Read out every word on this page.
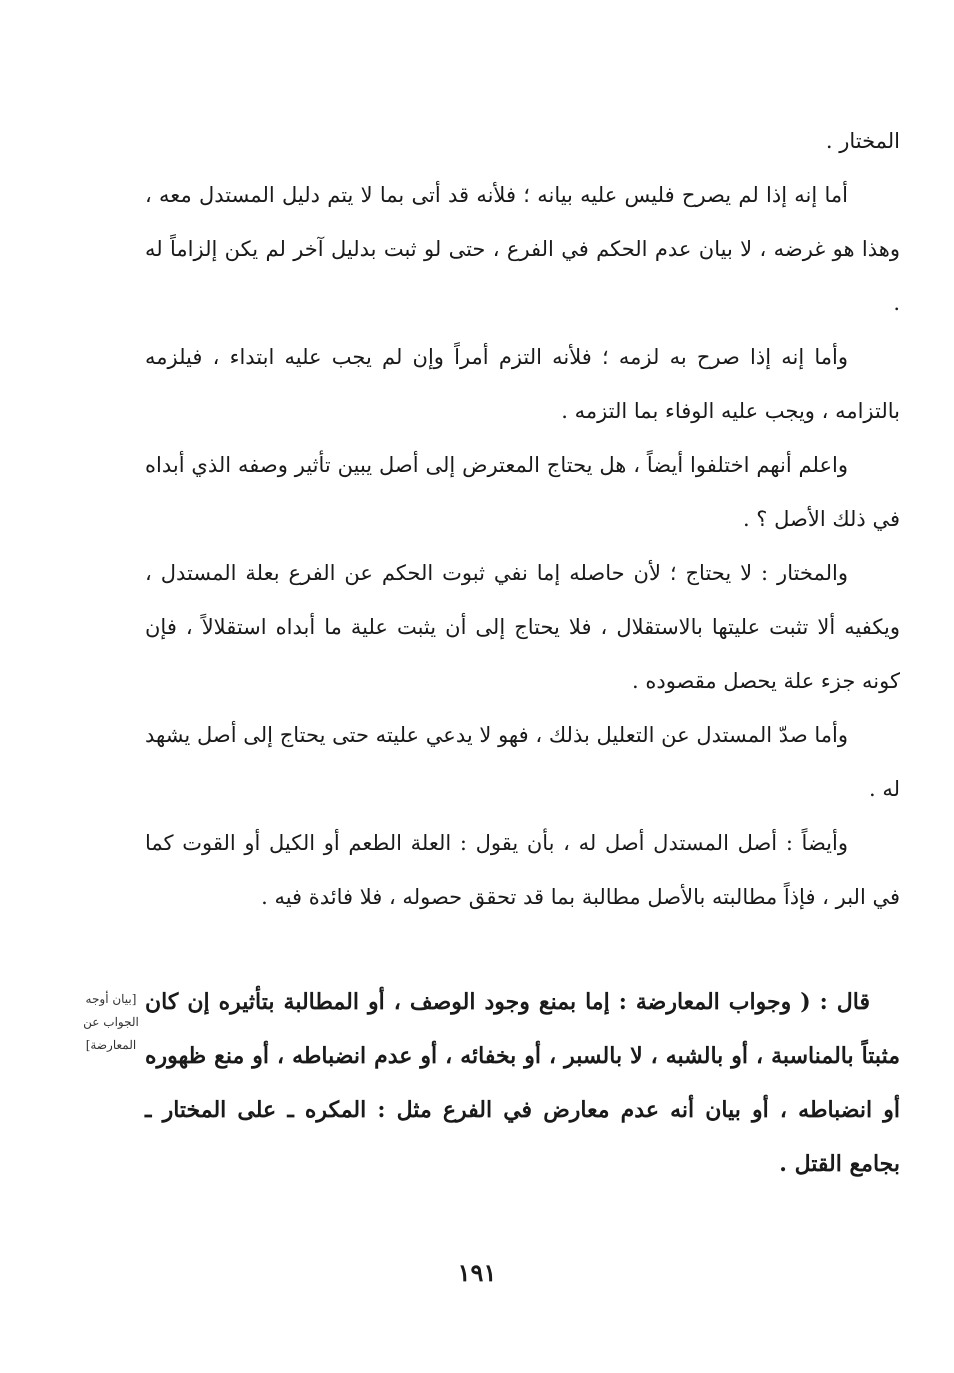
المختار .

أما إنه إذا لم يصرح فليس عليه بيانه ؛ فلأنه قد أتى بما لا يتم دليل المستدل معه ، وهذا هو غرضه ، لا بيان عدم الحكم في الفرع ، حتى لو ثبت بدليل آخر لم يكن إلزاماً له .

وأما إنه إذا صرح به لزمه ؛ فلأنه التزم أمراً وإن لم يجب عليه ابتداء ، فيلزمه بالتزامه ، ويجب عليه الوفاء بما التزمه .

واعلم أنهم اختلفوا أيضاً ، هل يحتاج المعترض إلى أصل يبين تأثير وصفه الذي أبداه في ذلك الأصل ؟ .

والمختار : لا يحتاج ؛ لأن حاصله إما نفي ثبوت الحكم عن الفرع بعلة المستدل ، ويكفيه ألا تثبت عليتها بالاستقلال ، فلا يحتاج إلى أن يثبت علية ما أبداه استقلالاً ، فإن كونه جزء علة يحصل مقصوده .

وأما صدّ المستدل عن التعليل بذلك ، فهو لا يدعي عليته حتى يحتاج إلى أصل يشهد له .

وأيضاً : أصل المستدل أصل له ، بأن يقول : العلة الطعم أو الكيل أو القوت كما في البر ، فإذاً مطالبته بالأصل مطالبة بما قد تحقق حصوله ، فلا فائدة فيه .

قال : ( وجواب المعارضة : إما بمنع وجود الوصف ، أو المطالبة بتأثيره إن كان مثبتاً بالمناسبة ، أو بالشبه ، لا بالسبر ، أو بخفائه ، أو عدم انضباطه ، أو منع ظهوره أو انضباطه ، أو بيان أنه عدم معارض في الفرع مثل : المكره ـ على المختار ـ بجامع القتل .

[بيان أوجه
الجواب عن
المعارضة]
١٩١
